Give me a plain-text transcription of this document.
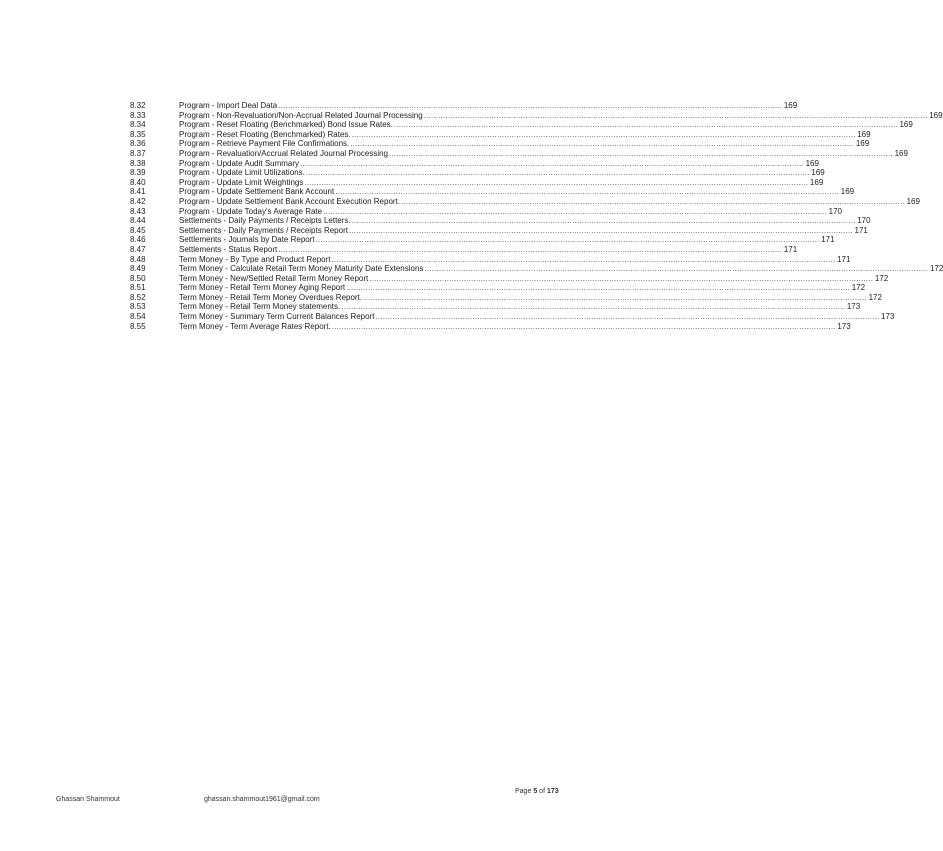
8.32	Program - Import Deal Data .....	169
8.33	Program - Non-Revaluation/Non-Accrual Related Journal Processing .....	169
8.34	Program - Reset Floating (Benchmarked) Bond Issue Rates. .....	169
8.35	Program - Reset Floating (Benchmarked) Rates. .....	169
8.36	Program - Retrieve Payment File Confirmations. .....	169
8.37	Program - Revaluation/Accrual Related Journal Processing .....	169
8.38	Program - Update Audit Summary .....	169
8.39	Program - Update Limit Utilizations. .....	169
8.40	Program - Update Limit Weightings .....	169
8.41	Program - Update Settlement Bank Account .....	169
8.42	Program - Update Settlement Bank Account Execution Report. .....	169
8.43	Program - Update Today's Average Rate .....	170
8.44	Settlements - Daily Payments / Receipts Letters. .....	170
8.45	Settlements - Daily Payments / Receipts Report .....	171
8.46	Settlements - Journals by Date Report .....	171
8.47	Settlements - Status Report .....	171
8.48	Term Money - By Type and Product Report .....	171
8.49	Term Money - Calculate Retail Term Money Maturity Date Extensions .....	172
8.50	Term Money - New/Settled Retail Term Money Report .....	172
8.51	Term Money - Retail Term Money Aging Report .....	172
8.52	Term Money - Retail Term Money Overdues Report. .....	172
8.53	Term Money - Retail Term Money statements. .....	173
8.54	Term Money - Summary Term Current Balances Report .....	173
8.55	Term Money - Term Average Rates Report. .....	173
Ghassan Shammout	ghassan.shammout1961@gmail.com
Page 5 of 173
